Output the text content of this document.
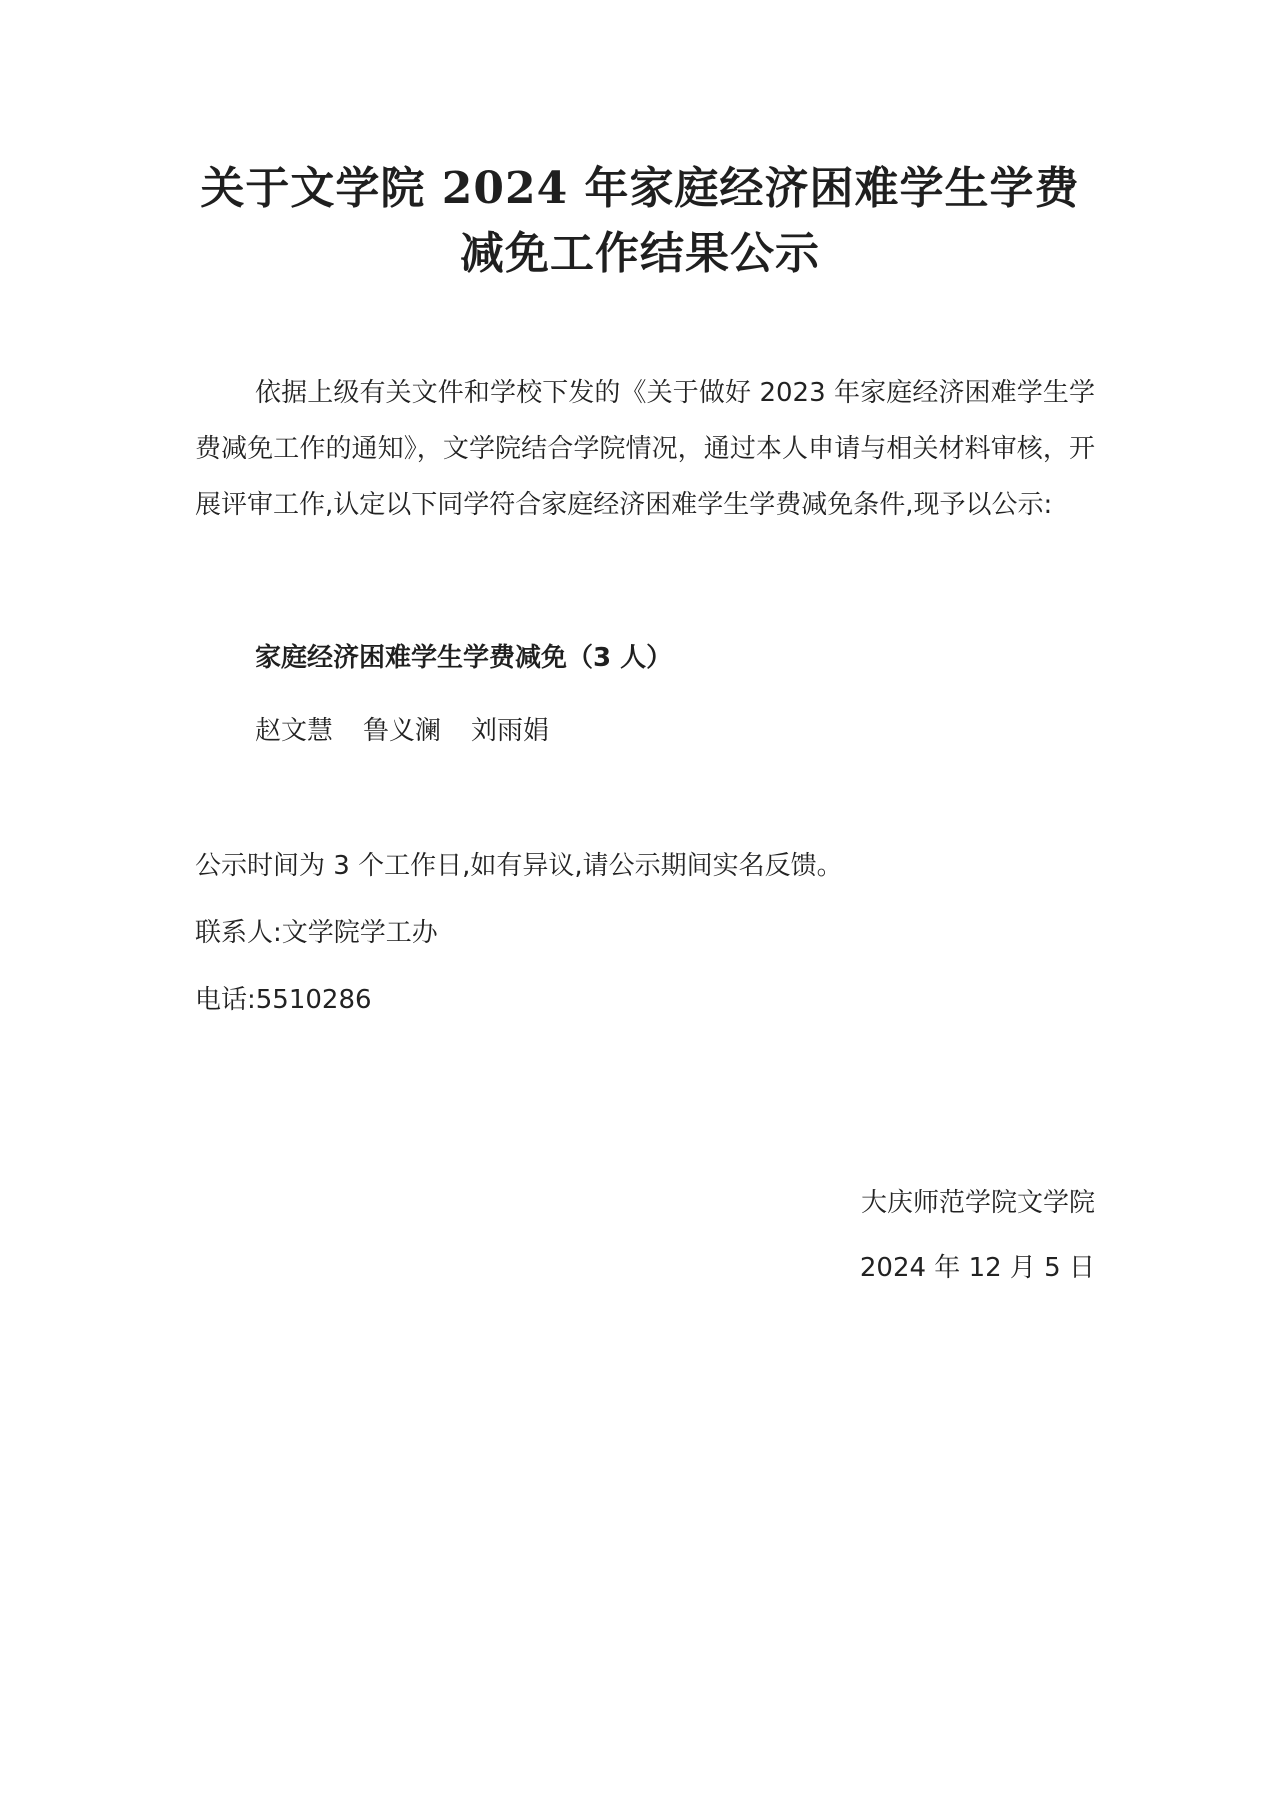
关于文学院 2024 年家庭经济困难学生学费
减免工作结果公示
依据上级有关文件和学校下发的《关于做好 2023 年家庭经济困难学生学费减免工作的通知》，文学院结合学院情况，通过本人申请与相关材料审核，开展评审工作,认定以下同学符合家庭经济困难学生学费减免条件,现予以公示:
家庭经济困难学生学费减免（3 人）
赵文慧 鲁义澜 刘雨娟
公示时间为 3 个工作日,如有异议,请公示期间实名反馈。
联系人:文学院学工办
电话:5510286
大庆师范学院文学院
2024 年 12 月 5 日
